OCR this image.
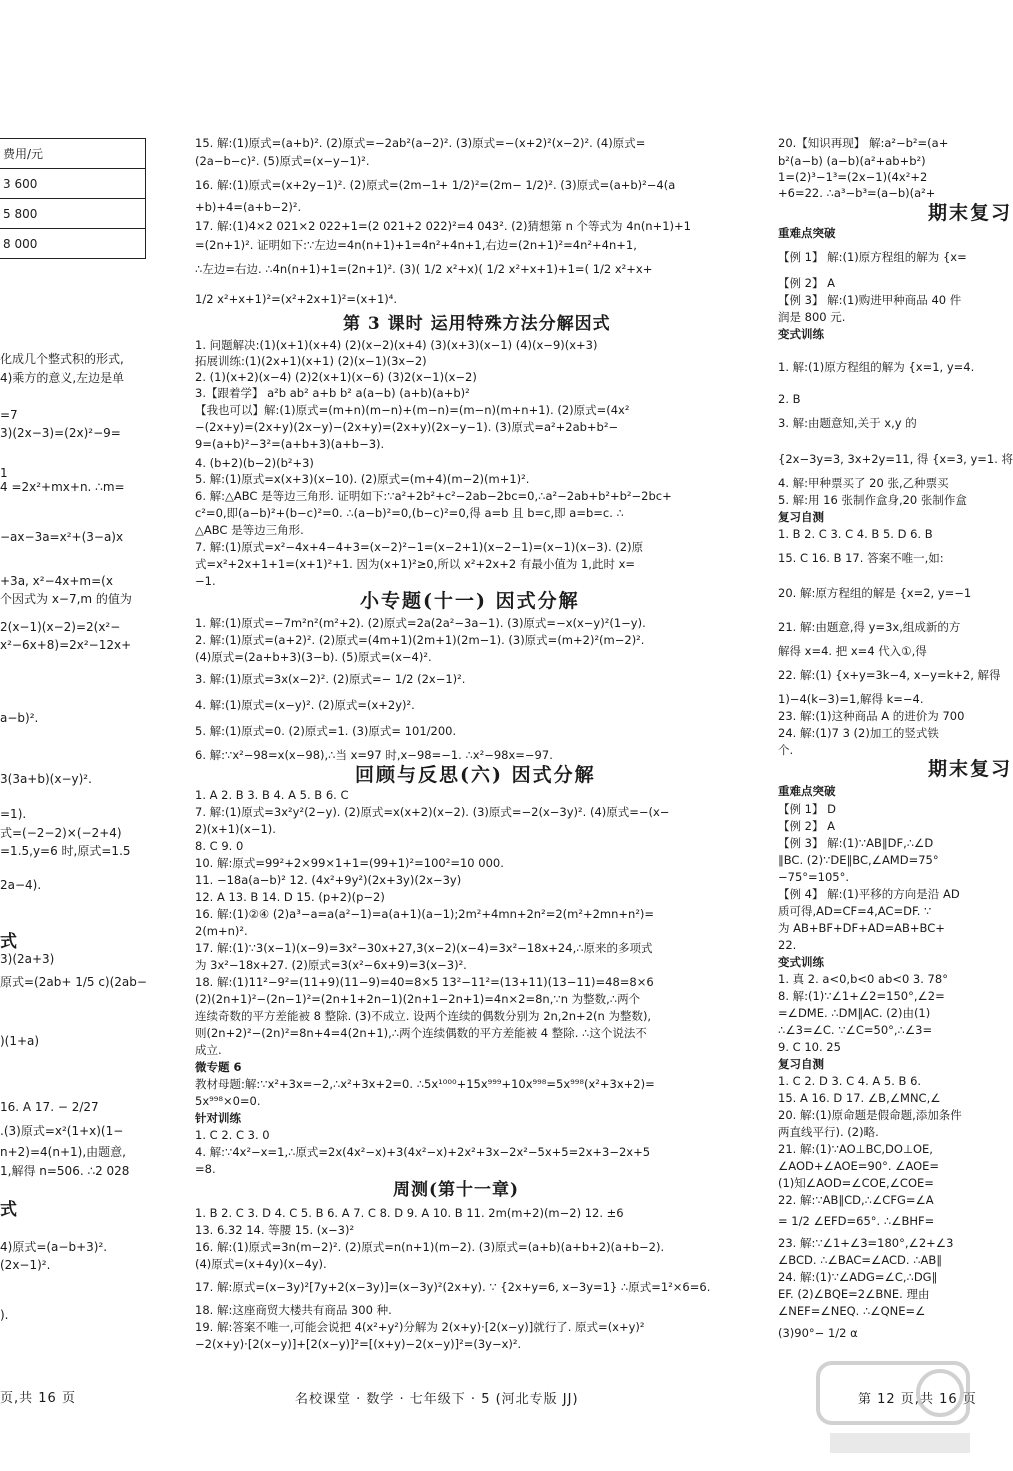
费用/元
3 600
5 800
8 000
化成几个整式积的形式,
4)乘方的意义,左边是单
=7
3)(2x−3)=(2x)²−9=
1
4 =2x²+mx+n. ∴m=
−ax−3a=x²+(3−a)x
+3a, x²−4x+m=(x
个因式为 x−7,m 的值为
2(x−1)(x−2)=2(x²−
x²−6x+8)=2x²−12x+
a−b)².
3(3a+b)(x−y)².
=1).
式=(−2−2)×(−2+4)
=1.5,y=6 时,原式=1.5
2a−4).
式
3)(2a+3)
原式=(2ab+ 1/5 c)(2ab−
)(1+a)
16. A 17. − 2/27
.(3)原式=x²(1+x)(1−
n+2)=4(n+1),由题意,
1,解得 n=506. ∴2 028
式
4)原式=(a−b+3)².
(2x−1)².
).
页,共 16 页
15. 解:(1)原式=(a+b)². (2)原式=−2ab²(a−2)². (3)原式=−(x+2)²(x−2)². (4)原式=
(2a−b−c)². (5)原式=(x−y−1)².
16. 解:(1)原式=(x+2y−1)². (2)原式=(2m−1+ 1/2)²=(2m− 1/2)². (3)原式=(a+b)²−4(a
+b)+4=(a+b−2)².
17. 解:(1)4×2 021×2 022+1=(2 021+2 022)²=4 043². (2)猜想第 n 个等式为 4n(n+1)+1
=(2n+1)². 证明如下:∵左边=4n(n+1)+1=4n²+4n+1,右边=(2n+1)²=4n²+4n+1,
∴左边=右边. ∴4n(n+1)+1=(2n+1)². (3)( 1/2 x²+x)( 1/2 x²+x+1)+1=( 1/2 x²+x+
1/2 x²+x+1)²=(x²+2x+1)²=(x+1)⁴.
第 3 课时 运用特殊方法分解因式
1. 问题解决:(1)(x+1)(x+4) (2)(x−2)(x+4) (3)(x+3)(x−1) (4)(x−9)(x+3)
拓展训练:(1)(2x+1)(x+1) (2)(x−1)(3x−2)
2. (1)(x+2)(x−4) (2)2(x+1)(x−6) (3)2(x−1)(x−2)
3.【跟着学】 a²b ab² a+b b² a(a−b) (a+b)(a+b)²
【我也可以】解:(1)原式=(m+n)(m−n)+(m−n)=(m−n)(m+n+1). (2)原式=(4x²
−(2x+y)=(2x+y)(2x−y)−(2x+y)=(2x+y)(2x−y−1). (3)原式=a²+2ab+b²−
9=(a+b)²−3²=(a+b+3)(a+b−3).
4. (b+2)(b−2)(b²+3)
5. 解:(1)原式=x(x+3)(x−10). (2)原式=(m+4)(m−2)(m+1)².
6. 解:△ABC 是等边三角形. 证明如下:∵a²+2b²+c²−2ab−2bc=0,∴a²−2ab+b²+b²−2bc+
c²=0,即(a−b)²+(b−c)²=0. ∴(a−b)²=0,(b−c)²=0,得 a=b 且 b=c,即 a=b=c. ∴
△ABC 是等边三角形.
7. 解:(1)原式=x²−4x+4−4+3=(x−2)²−1=(x−2+1)(x−2−1)=(x−1)(x−3). (2)原
式=x²+2x+1+1=(x+1)²+1. 因为(x+1)²≥0,所以 x²+2x+2 有最小值为 1,此时 x=
−1.
小专题(十一) 因式分解
1. 解:(1)原式=−7m²n²(m²+2). (2)原式=2a(2a²−3a−1). (3)原式=−x(x−y)²(1−y).
2. 解:(1)原式=(a+2)². (2)原式=(4m+1)(2m+1)(2m−1). (3)原式=(m+2)²(m−2)².
(4)原式=(2a+b+3)(3−b). (5)原式=(x−4)².
3. 解:(1)原式=3x(x−2)². (2)原式=− 1/2 (2x−1)².
4. 解:(1)原式=(x−y)². (2)原式=(x+2y)².
5. 解:(1)原式=0. (2)原式=1. (3)原式= 101/200.
6. 解:∵x²−98=x(x−98),∴当 x=97 时,x−98=−1. ∴x²−98x=−97.
回顾与反思(六) 因式分解
1. A 2. B 3. B 4. A 5. B 6. C
7. 解:(1)原式=3x²y²(2−y). (2)原式=x(x+2)(x−2). (3)原式=−2(x−3y)². (4)原式=−(x−
2)(x+1)(x−1).
8. C 9. 0
10. 解:原式=99²+2×99×1+1=(99+1)²=100²=10 000.
11. −18a(a−b)² 12. (4x²+9y²)(2x+3y)(2x−3y)
12. A 13. B 14. D 15. (p+2)(p−2)
16. 解:(1)②④ (2)a³−a=a(a²−1)=a(a+1)(a−1);2m²+4mn+2n²=2(m²+2mn+n²)=
2(m+n)².
17. 解:(1)∵3(x−1)(x−9)=3x²−30x+27,3(x−2)(x−4)=3x²−18x+24,∴原来的多项式
为 3x²−18x+27. (2)原式=3(x²−6x+9)=3(x−3)².
18. 解:(1)11²−9²=(11+9)(11−9)=40=8×5 13²−11²=(13+11)(13−11)=48=8×6
(2)(2n+1)²−(2n−1)²=(2n+1+2n−1)(2n+1−2n+1)=4n×2=8n,∵n 为整数,∴两个
连续奇数的平方差能被 8 整除. (3)不成立. 设两个连续的偶数分别为 2n,2n+2(n 为整数),
则(2n+2)²−(2n)²=8n+4=4(2n+1),∴两个连续偶数的平方差能被 4 整除. ∴这个说法不
成立.
微专题 6
教材母题:解:∵x²+3x=−2,∴x²+3x+2=0. ∴5x¹⁰⁰⁰+15x⁹⁹⁹+10x⁹⁹⁸=5x⁹⁹⁸(x²+3x+2)=
5x⁹⁹⁸×0=0.
针对训练
1. C 2. C 3. 0
4. 解:∵4x²−x=1,∴原式=2x(4x²−x)+3(4x²−x)+2x²+3x−2x²−5x+5=2x+3−2x+5
=8.
周测(第十一章)
1. B 2. C 3. D 4. C 5. B 6. A 7. C 8. D 9. A 10. B 11. 2m(m+2)(m−2) 12. ±6
13. 6.32 14. 等腰 15. (x−3)²
16. 解:(1)原式=3n(m−2)². (2)原式=n(n+1)(m−2). (3)原式=(a+b)(a+b+2)(a+b−2).
(4)原式=(x+4y)(x−4y).
17. 解:原式=(x−3y)²[7y+2(x−3y)]=(x−3y)²(2x+y). ∵ {2x+y=6, x−3y=1} ∴原式=1²×6=6.
18. 解:这座商贸大楼共有商品 300 种.
19. 解:答案不唯一,可能会说把 4(x²+y²)分解为 2(x+y)·[2(x−y)]就行了. 原式=(x+y)²
−2(x+y)·[2(x−y)]+[2(x−y)]²=[(x+y)−2(x−y)]²=(3y−x)².
名校课堂 · 数学 · 七年级下 · 5 (河北专版 JJ)
20.【知识再现】 解:a²−b²=(a+
b²(a−b) (a−b)(a²+ab+b²)
1=(2)³−1³=(2x−1)(4x²+2
+6=22. ∴a³−b³=(a−b)(a²+
期末复习
重难点突破
【例 1】 解:(1)原方程组的解为 {x=
【例 2】 A
【例 3】 解:(1)购进甲种商品 40 件
润是 800 元.
变式训练
1. 解:(1)原方程组的解为 {x=1, y=4.
2. B
3. 解:由题意知,关于 x,y 的
{2x−3y=3, 3x+2y=11, 得 {x=3, y=1. 将
4. 解:甲种票买了 20 张,乙种票买
5. 解:用 16 张制作盒身,20 张制作盒
复习自测
1. B 2. C 3. C 4. B 5. D 6. B
15. C 16. B 17. 答案不唯一,如:
20. 解:原方程组的解是 {x=2, y=−1
21. 解:由题意,得 y=3x,组成新的方
解得 x=4. 把 x=4 代入①,得
22. 解:(1) {x+y=3k−4, x−y=k+2, 解得
1)−4(k−3)=1,解得 k=−4.
23. 解:(1)这种商品 A 的进价为 700
24. 解:(1)7 3 (2)加工的竖式铁
个.
期末复习
重难点突破
【例 1】 D
【例 2】 A
【例 3】 解:(1)∵AB∥DF,∴∠D
∥BC. (2)∵DE∥BC,∠AMD=75°
−75°=105°.
【例 4】 解:(1)平移的方向是沿 AD
质可得,AD=CF=4,AC=DF. ∵
为 AB+BF+DF+AD=AB+BC+
22.
变式训练
1. 真 2. a<0,b<0 ab<0 3. 78°
8. 解:(1)∵∠1+∠2=150°,∠2=
=∠DME. ∴DM∥AC. (2)由(1)
∴∠3=∠C. ∵∠C=50°,∴∠3=
9. C 10. 25
复习自测
1. C 2. D 3. C 4. A 5. B 6.
15. A 16. D 17. ∠B,∠MNC,∠
20. 解:(1)原命题是假命题,添加条件
两直线平行). (2)略.
21. 解:(1)∵AO⊥BC,DO⊥OE,
∠AOD+∠AOE=90°. ∠AOE=
(1)知∠AOD=∠COE,∠COE=
22. 解:∵AB∥CD,∴∠CFG=∠A
= 1/2 ∠EFD=65°. ∴∠BHF=
23. 解:∵∠1+∠3=180°,∠2+∠3
∠BCD. ∴∠BAC=∠ACD. ∴AB∥
24. 解:(1)∵∠ADG=∠C,∴DG∥
EF. (2)∠BQE=2∠BNE. 理由
∠NEF=∠NEQ. ∴∠QNE=∠
(3)90°− 1/2 α
第 12 页,共 16 页
